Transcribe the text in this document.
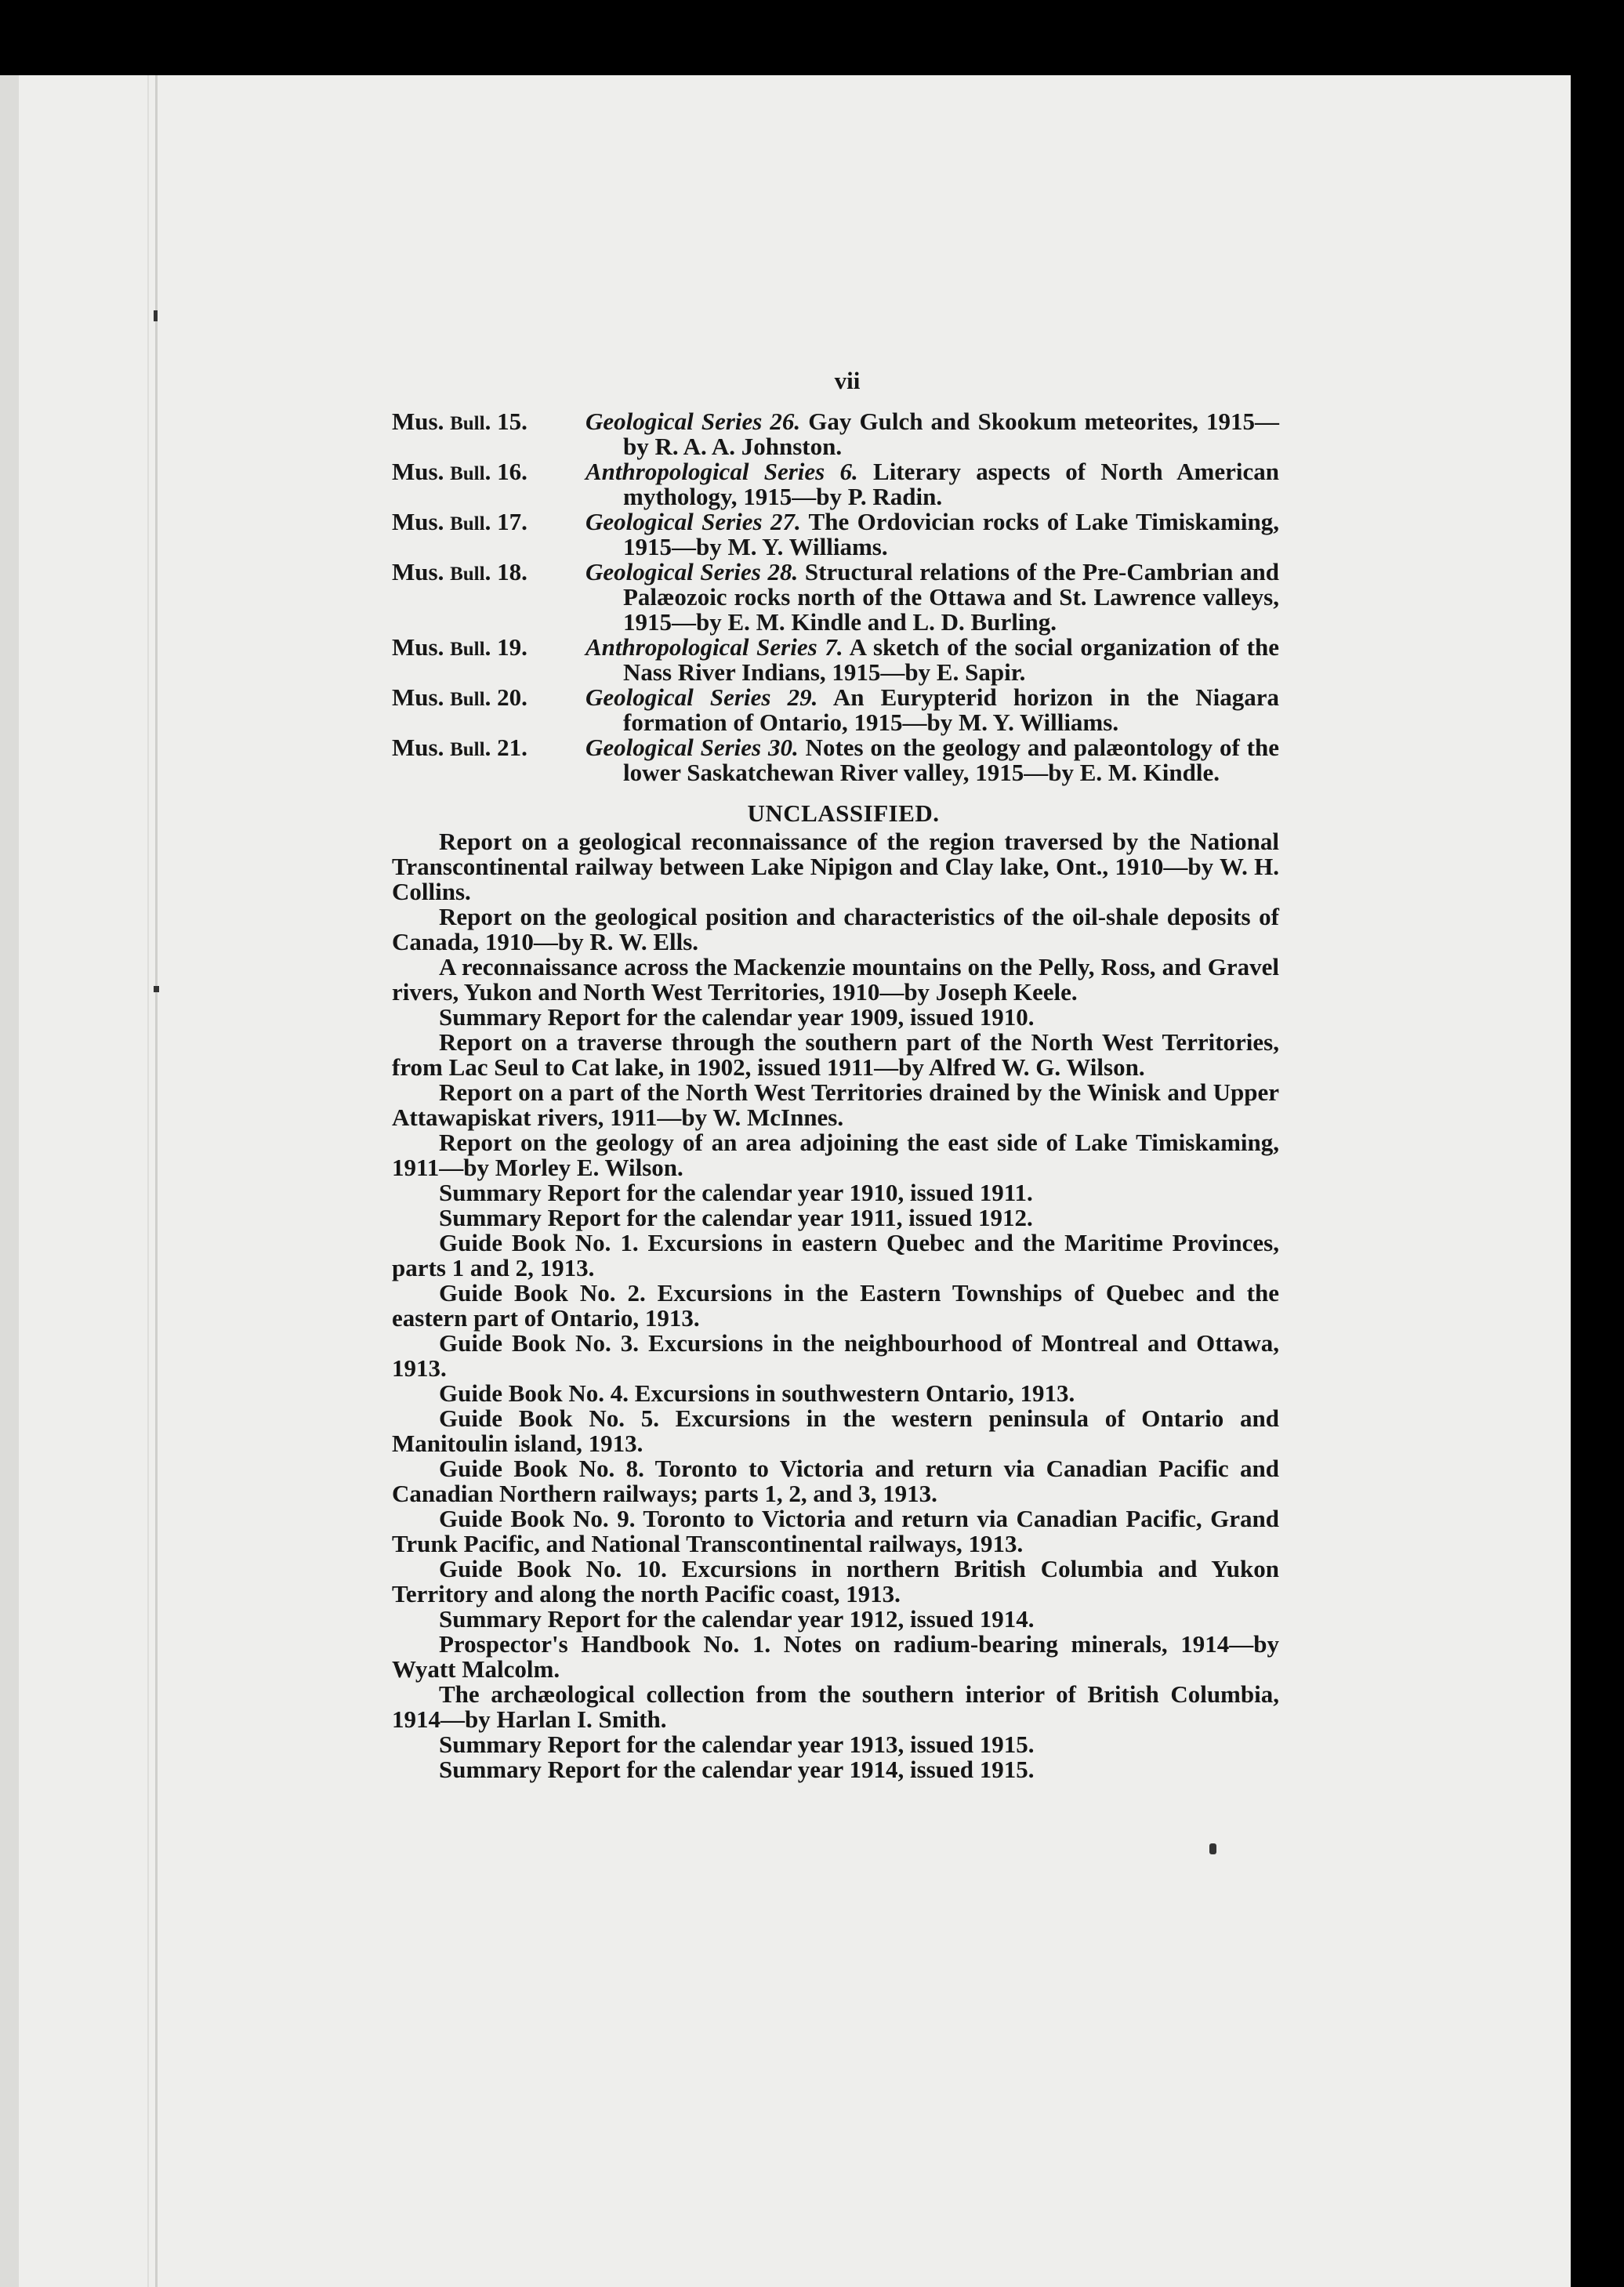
vii
Mus. Bull. 15.	Geological Series 26. Gay Gulch and Skookum meteorites, 1915—by R. A. A. Johnston.
Mus. Bull. 16.	Anthropological Series 6. Literary aspects of North American mythology, 1915—by P. Radin.
Mus. Bull. 17.	Geological Series 27. The Ordovician rocks of Lake Timiskaming, 1915—by M. Y. Williams.
Mus. Bull. 18.	Geological Series 28. Structural relations of the Pre-Cambrian and Palæozoic rocks north of the Ottawa and St. Lawrence valleys, 1915—by E. M. Kindle and L. D. Burling.
Mus. Bull. 19.	Anthropological Series 7. A sketch of the social organization of the Nass River Indians, 1915—by E. Sapir.
Mus. Bull. 20.	Geological Series 29. An Eurypterid horizon in the Niagara formation of Ontario, 1915—by M. Y. Williams.
Mus. Bull. 21.	Geological Series 30. Notes on the geology and palæontology of the lower Saskatchewan River valley, 1915—by E. M. Kindle.
UNCLASSIFIED.
Report on a geological reconnaissance of the region traversed by the National Transcontinental railway between Lake Nipigon and Clay lake, Ont., 1910—by W. H. Collins.
Report on the geological position and characteristics of the oil-shale deposits of Canada, 1910—by R. W. Ells.
A reconnaissance across the Mackenzie mountains on the Pelly, Ross, and Gravel rivers, Yukon and North West Territories, 1910—by Joseph Keele.
Summary Report for the calendar year 1909, issued 1910.
Report on a traverse through the southern part of the North West Territories, from Lac Seul to Cat lake, in 1902, issued 1911—by Alfred W. G. Wilson.
Report on a part of the North West Territories drained by the Winisk and Upper Attawapiskat rivers, 1911—by W. McInnes.
Report on the geology of an area adjoining the east side of Lake Timiskaming, 1911—by Morley E. Wilson.
Summary Report for the calendar year 1910, issued 1911.
Summary Report for the calendar year 1911, issued 1912.
Guide Book No. 1. Excursions in eastern Quebec and the Maritime Provinces, parts 1 and 2, 1913.
Guide Book No. 2. Excursions in the Eastern Townships of Quebec and the eastern part of Ontario, 1913.
Guide Book No. 3. Excursions in the neighbourhood of Montreal and Ottawa, 1913.
Guide Book No. 4. Excursions in southwestern Ontario, 1913.
Guide Book No. 5. Excursions in the western peninsula of Ontario and Manitoulin island, 1913.
Guide Book No. 8. Toronto to Victoria and return via Canadian Pacific and Canadian Northern railways; parts 1, 2, and 3, 1913.
Guide Book No. 9. Toronto to Victoria and return via Canadian Pacific, Grand Trunk Pacific, and National Transcontinental railways, 1913.
Guide Book No. 10. Excursions in northern British Columbia and Yukon Territory and along the north Pacific coast, 1913.
Summary Report for the calendar year 1912, issued 1914.
Prospector's Handbook No. 1. Notes on radium-bearing minerals, 1914—by Wyatt Malcolm.
The archæological collection from the southern interior of British Columbia, 1914—by Harlan I. Smith.
Summary Report for the calendar year 1913, issued 1915.
Summary Report for the calendar year 1914, issued 1915.
